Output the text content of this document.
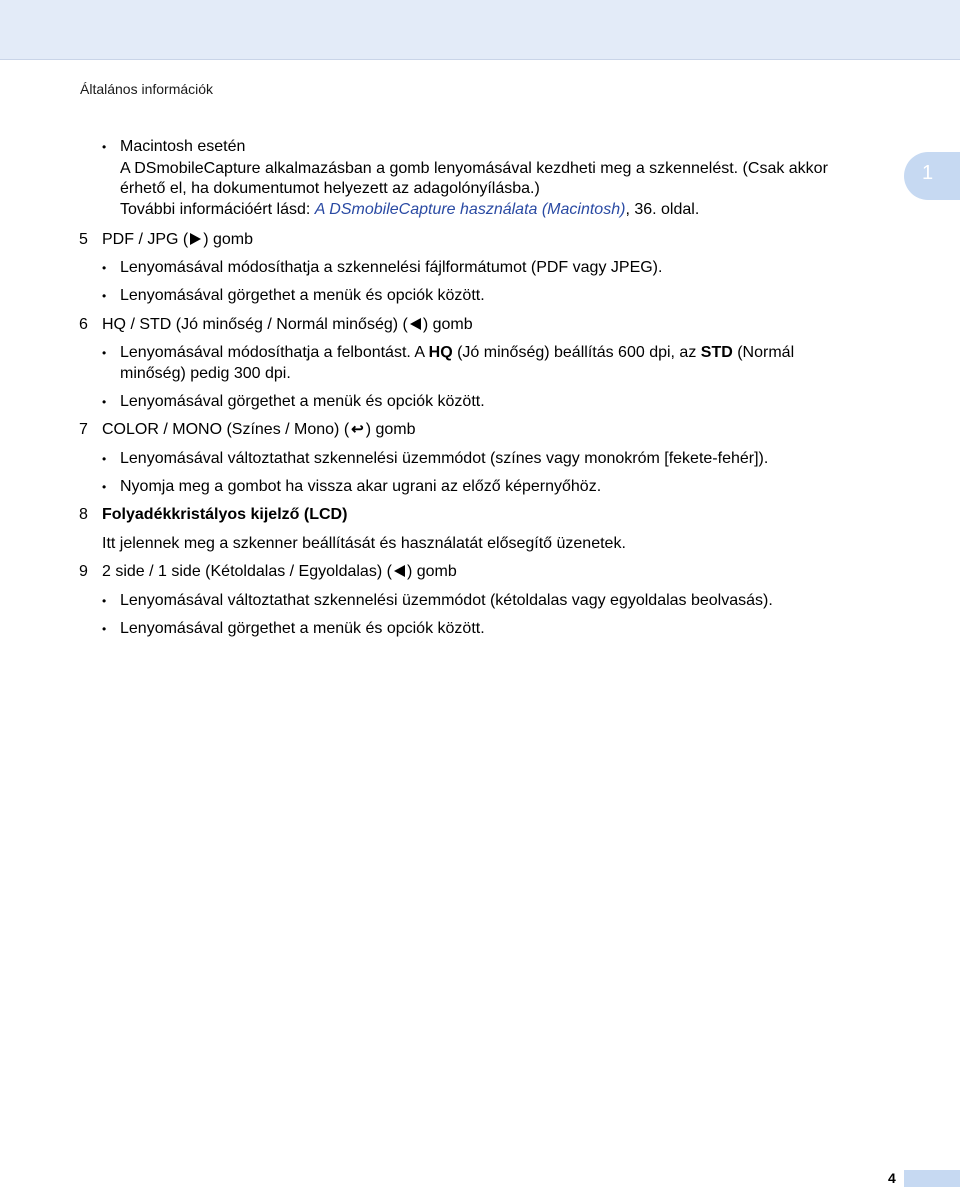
Általános információk
1
• Macintosh esetén
A DSmobileCapture alkalmazásban a gomb lenyomásával kezdheti meg a szkennelést. (Csak akkor
érhető el, ha dokumentumot helyezett az adagolónyílásba.)
További információért lásd: A DSmobileCapture használata (Macintosh), 36. oldal.
5 PDF / JPG ( ) gomb
• Lenyomásával módosíthatja a szkennelési fájlformátumot (PDF vagy JPEG).
• Lenyomásával görgethet a menük és opciók között.
6 HQ / STD (Jó minőség / Normál minőség) ( ) gomb
• Lenyomásával módosíthatja a felbontást. A HQ (Jó minőség) beállítás 600 dpi, az STD (Normál
minőség) pedig 300 dpi.
• Lenyomásával görgethet a menük és opciók között.
7 COLOR / MONO (Színes / Mono) ( ↩ ) gomb
• Lenyomásával változtathat szkennelési üzemmódot (színes vagy monokróm [fekete-fehér]).
• Nyomja meg a gombot ha vissza akar ugrani az előző képernyőhöz.
8 Folyadékkristályos kijelző (LCD)
Itt jelennek meg a szkenner beállítását és használatát elősegítő üzenetek.
9 2 side / 1 side (Kétoldalas / Egyoldalas) ( ) gomb
• Lenyomásával változtathat szkennelési üzemmódot (kétoldalas vagy egyoldalas beolvasás).
• Lenyomásával görgethet a menük és opciók között.
4
